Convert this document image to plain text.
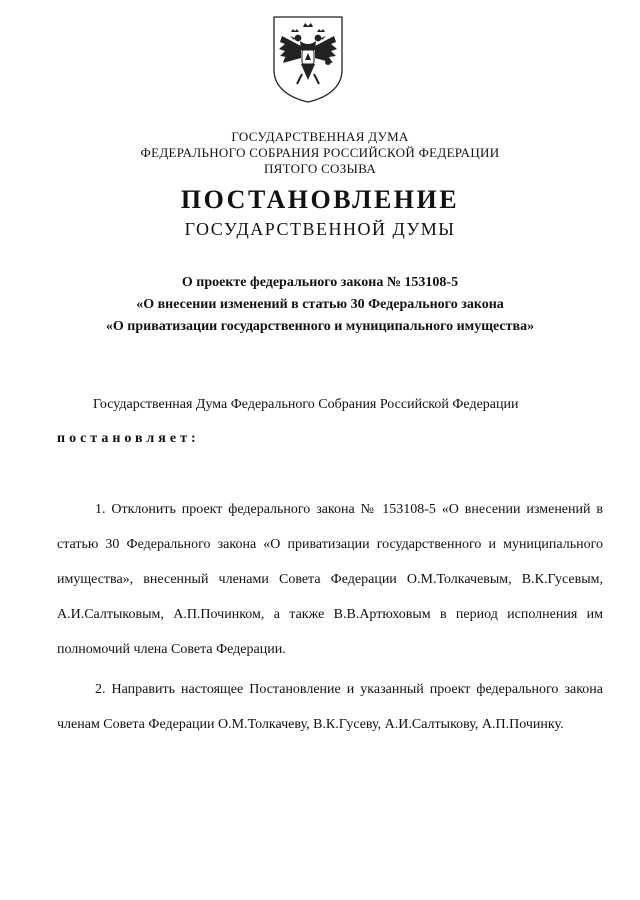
ГОСУДАРСТВЕННАЯ ДУМА
ФЕДЕРАЛЬНОГО СОБРАНИЯ РОССИЙСКОЙ ФЕДЕРАЦИИ
ПЯТОГО СОЗЫВА
ПОСТАНОВЛЕНИЕ
ГОСУДАРСТВЕННОЙ ДУМЫ
О проекте федерального закона № 153108-5
«О внесении изменений в статью 30 Федерального закона
«О приватизации государственного и муниципального имущества»
Государственная Дума Федерального Собрания Российской Федерации
постановляет:
1. Отклонить проект федерального закона № 153108-5 «О внесении изменений в статью 30 Федерального закона «О приватизации государственного и муниципального имущества», внесенный членами Совета Федерации О.М.Толкачевым, В.К.Гусевым, А.И.Салтыковым, А.П.Починком, а также В.В.Артюховым в период исполнения им полномочий члена Совета Федерации.
2. Направить настоящее Постановление и указанный проект федерального закона членам Совета Федерации О.М.Толкачеву, В.К.Гусеву, А.И.Салтыкову, А.П.Починку.
